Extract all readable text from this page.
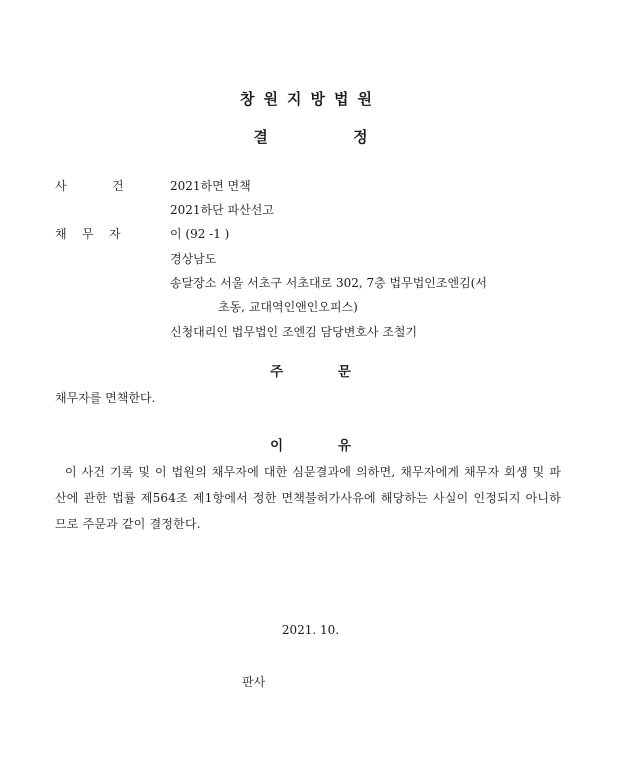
창원지방법원
결 정
사	건	2021하면 면책
2021하단 파산선고
채 무 자	이 (92 -1 )
경상남도
송달장소 서울 서초구 서초대로 302, 7층 법무법인조엔김(서
초동, 교대역인앤인오피스)
신청대리인 법무법인 조엔김 담당변호사 조철기
주 문
채무자를 면책한다.
이 유
이 사건 기록 및 이 법원의 채무자에 대한 심문결과에 의하면, 채무자에게 채무자 회생 및 파산에 관한 법률 제564조 제1항에서 정한 면책불허가사유에 해당하는 사실이 인정되지 아니하므로 주문과 같이 결정한다.
2021. 10.
판사
